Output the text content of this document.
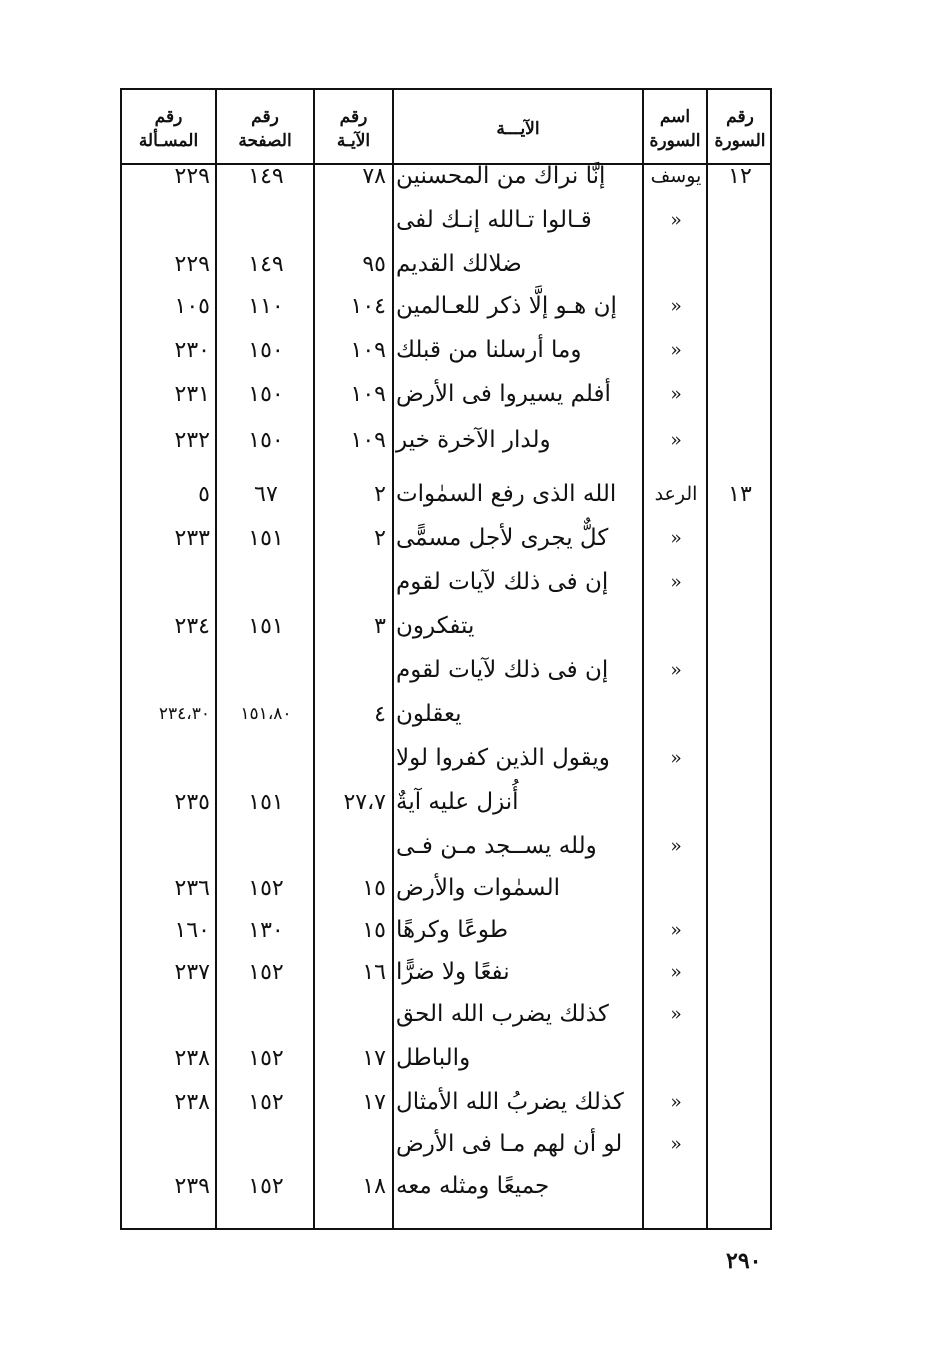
رقم
السورة
اسم
السورة
الآيـــة
رقم
الآيـة
رقم
الصفحة
رقم
المسـألة
١٢
يوسف
إنَّا نراك من المحسنين
٧٨
١٤٩
٢٢٩
»
قـالوا تـالله إنـك لفى
ضلالك القديم
٩٥
١٤٩
٢٢٩
»
إن هـو إلَّا ذكر للعـالمين
١٠٤
١١٠
١٠٥
»
وما أرسلنا من قبلك
١٠٩
١٥٠
٢٣٠
»
أفلم يسيروا فى الأرض
١٠٩
١٥٠
٢٣١
»
ولدار الآخرة خير
١٠٩
١٥٠
٢٣٢
١٣
الرعد
الله الذى رفع السمٰوات
٢
٦٧
٥
»
كلٌّ يجرى لأجل مسمًّى
٢
١٥١
٢٣٣
»
إن فى ذلك لآيات لقوم
يتفكرون
٣
١٥١
٢٣٤
»
إن فى ذلك لآيات لقوم
يعقلون
٤
١٥١،٨٠
٢٣٤،٣٠
»
ويقول الذين كفروا لولا
أُنزل عليه آيةٌ
٢٧،٧
١٥١
٢٣٥
»
ولله يســجد مـن فـى
السمٰوات والأرض
١٥
١٥٢
٢٣٦
»
طوعًا وكرهًا
١٥
١٣٠
١٦٠
»
نفعًا ولا ضرًّا
١٦
١٥٢
٢٣٧
»
كذلك يضرب الله الحق
والباطل
١٧
١٥٢
٢٣٨
»
كذلك يضربُ الله الأمثال
١٧
١٥٢
٢٣٨
»
لو أن لهم مـا فى الأرض
جميعًا ومثله معه
١٨
١٥٢
٢٣٩
٢٩٠
